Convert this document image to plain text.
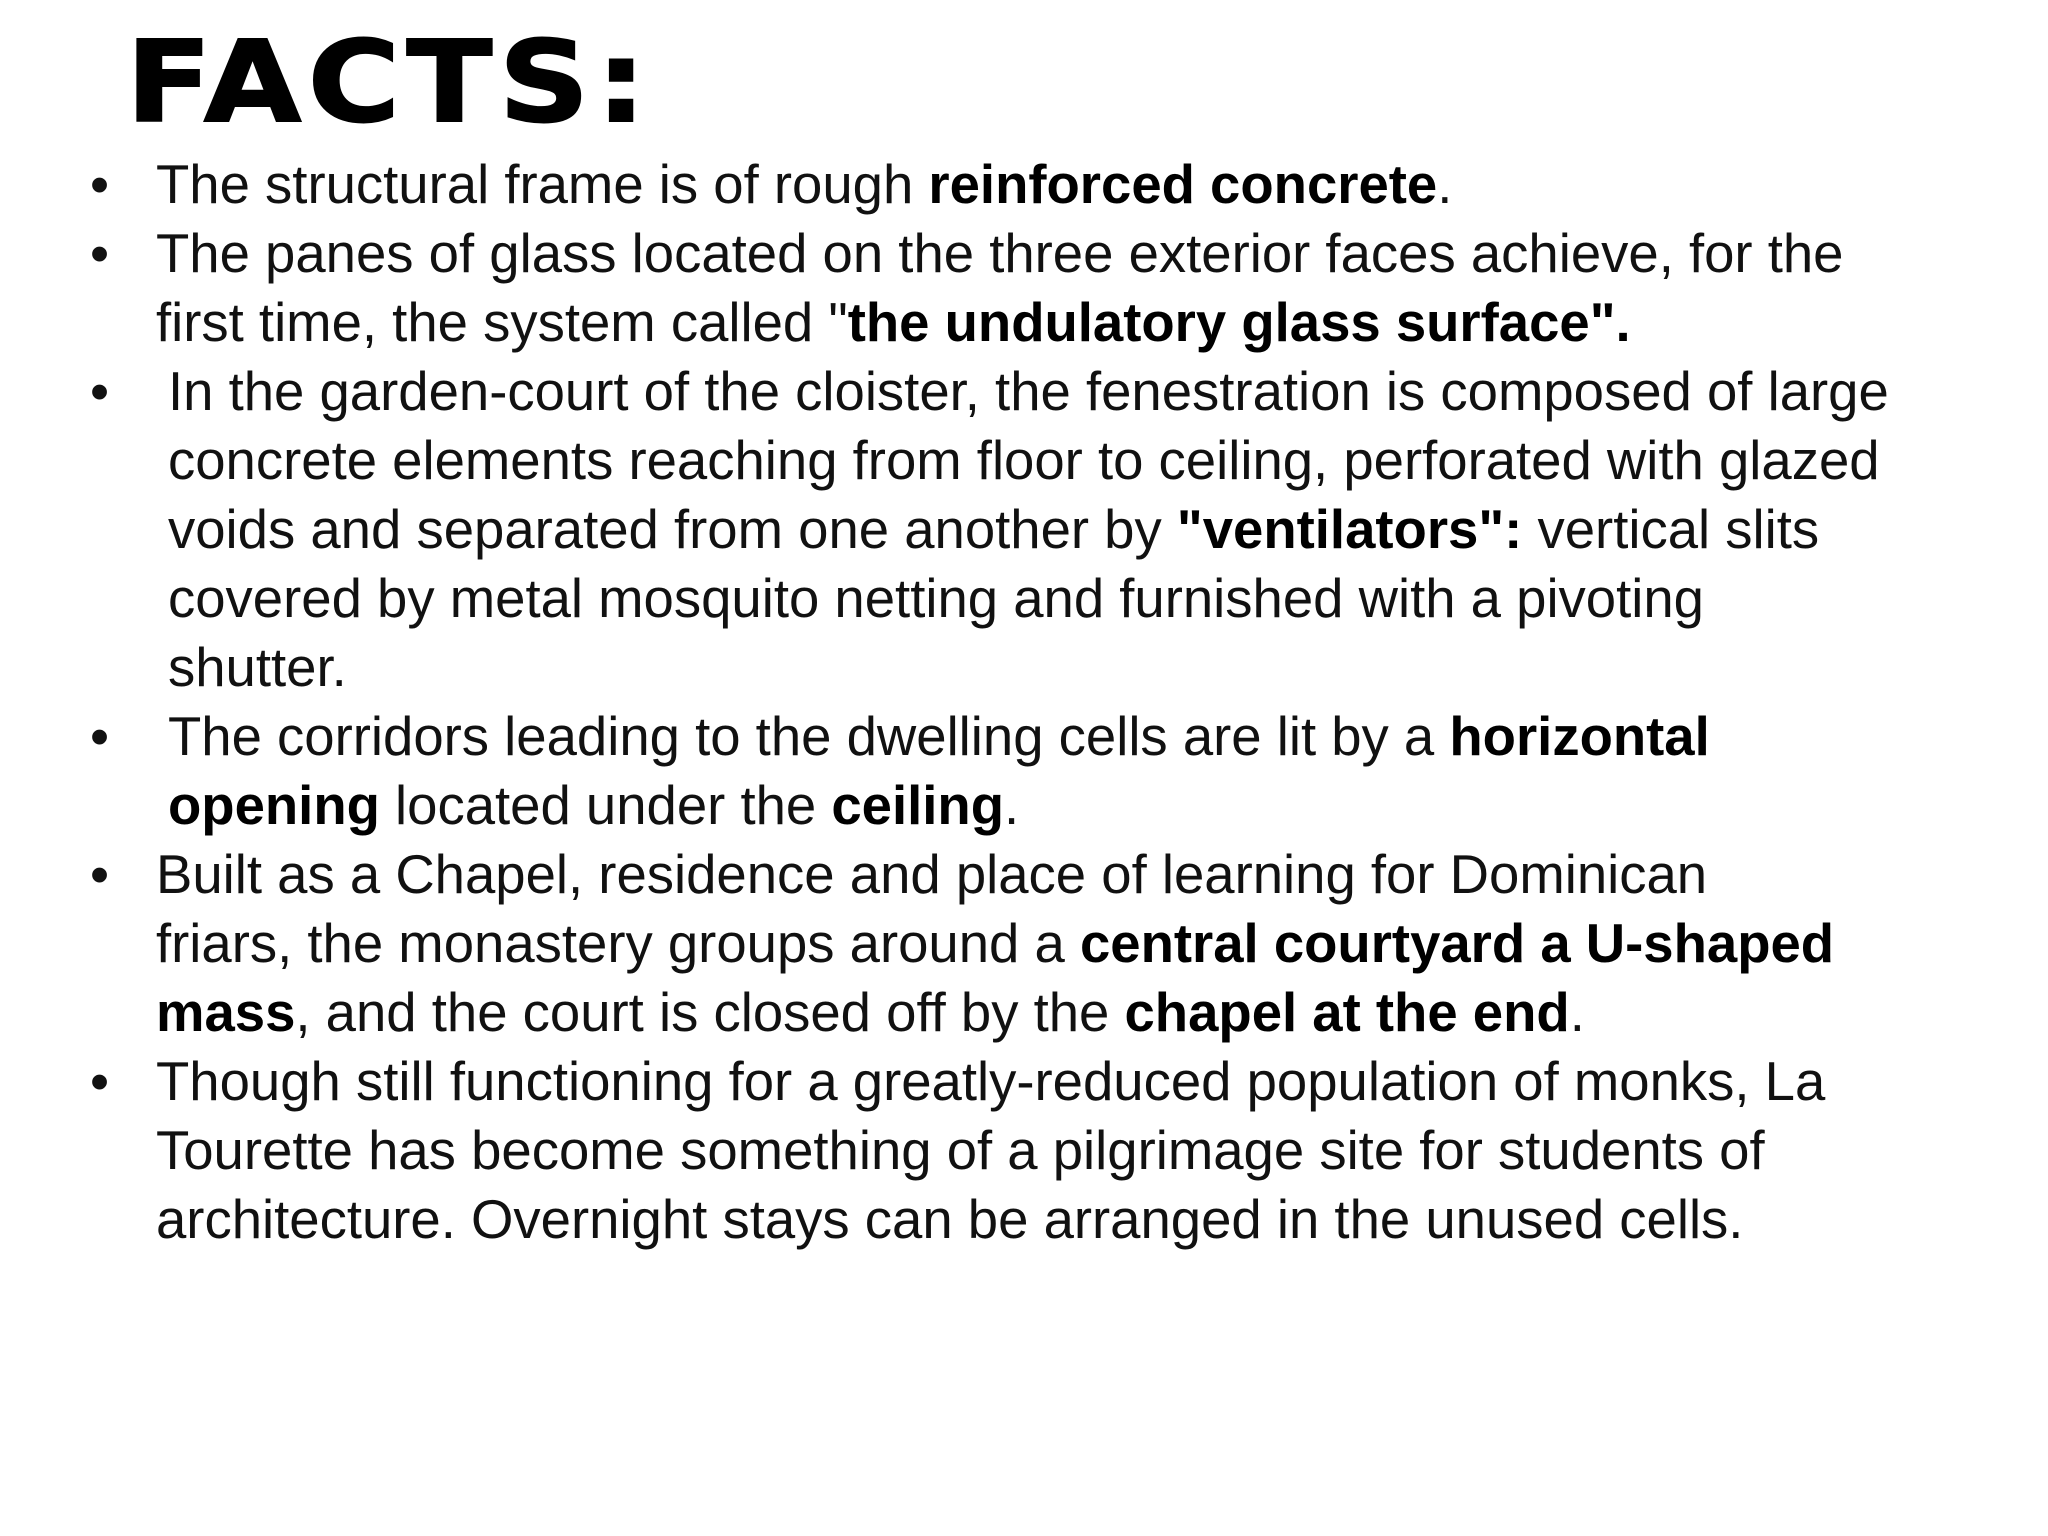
FACTS:
• The structural frame is of rough reinforced concrete.
• The panes of glass located on the three exterior faces achieve, for the
first time, the system called "the undulatory glass surface".
• In the garden-court of the cloister, the fenestration is composed of large
concrete elements reaching from floor to ceiling, perforated with glazed
voids and separated from one another by "ventilators": vertical slits
covered by metal mosquito netting and furnished with a pivoting
shutter.
• The corridors leading to the dwelling cells are lit by a horizontal
opening located under the ceiling.
• Built as a Chapel, residence and place of learning for Dominican
friars, the monastery groups around a central courtyard a U-shaped
mass, and the court is closed off by the chapel at the end.
• Though still functioning for a greatly-reduced population of monks, La
Tourette has become something of a pilgrimage site for students of
architecture. Overnight stays can be arranged in the unused cells.
